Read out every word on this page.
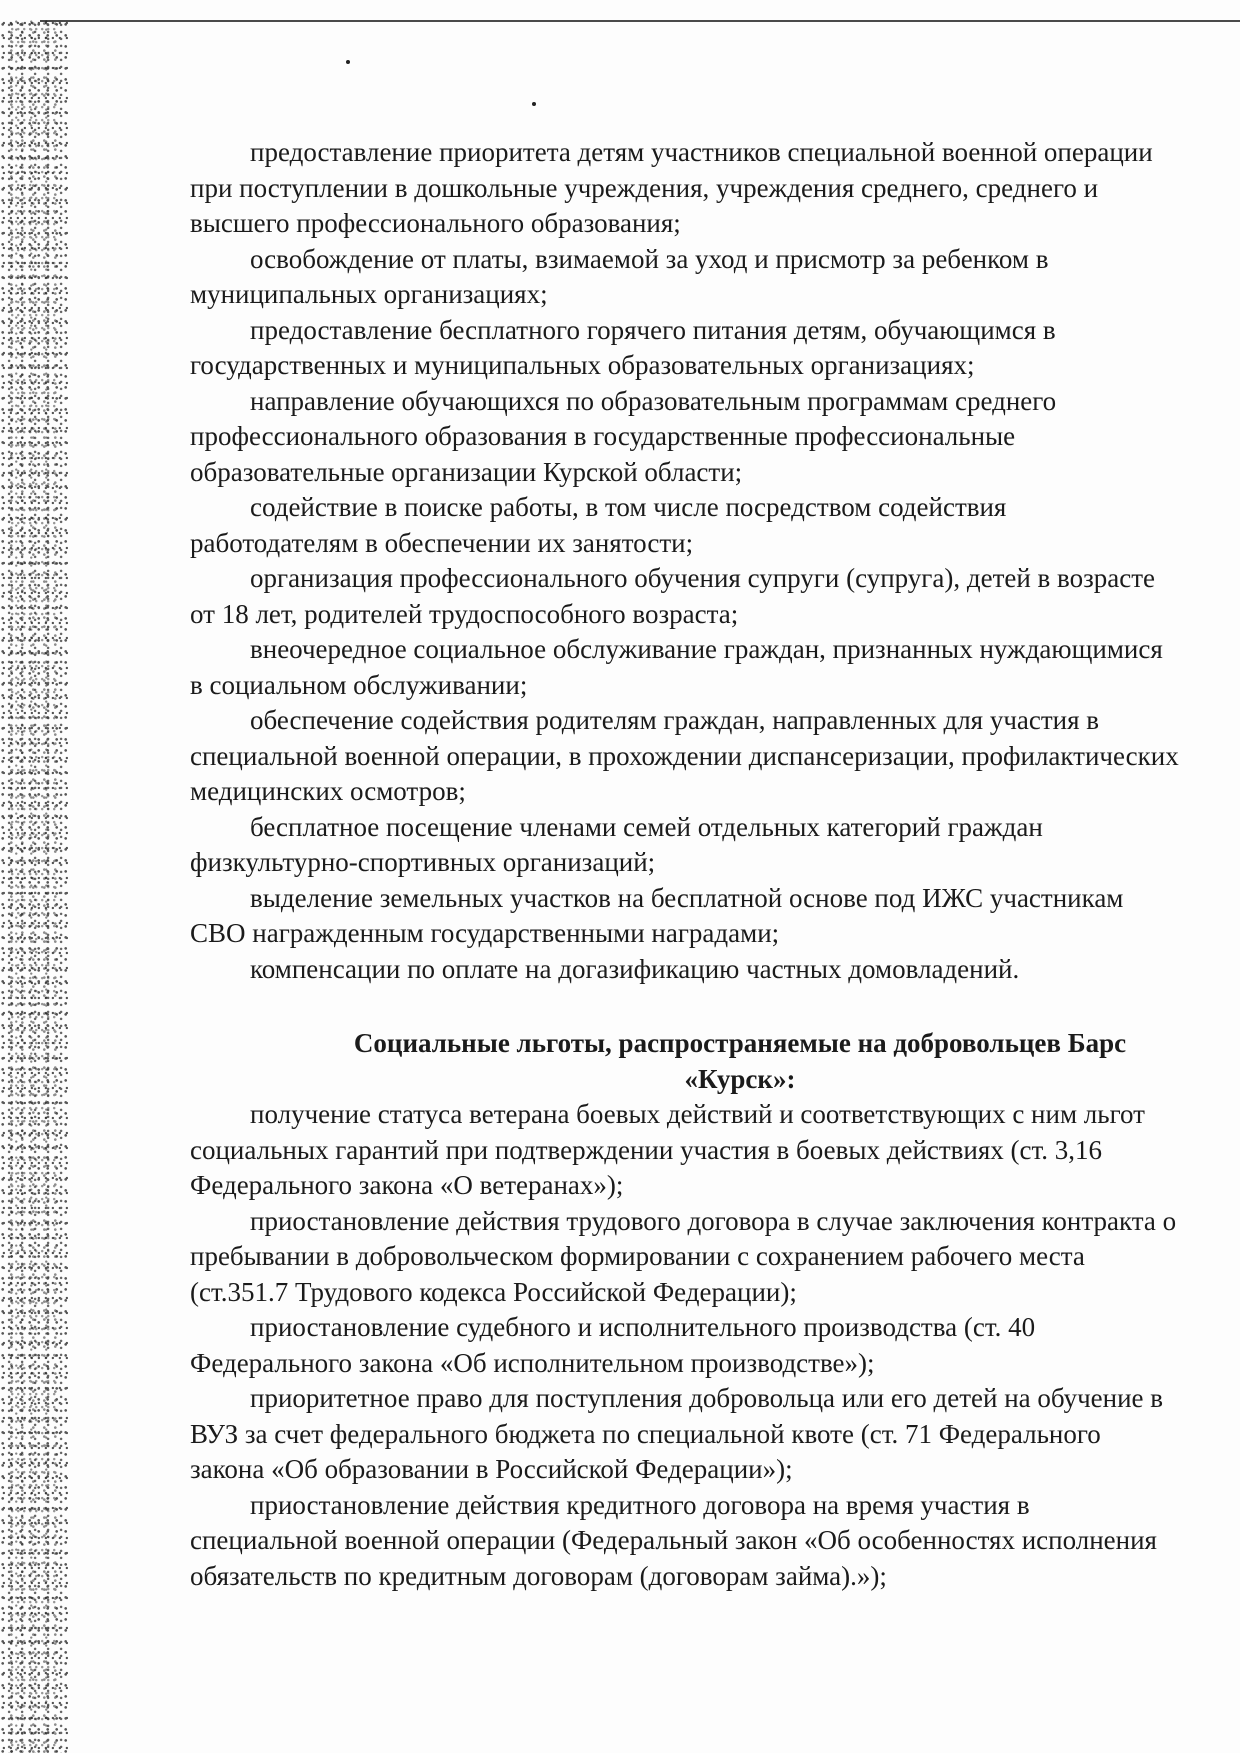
предоставление приоритета детям участников специальной военной операции при поступлении в дошкольные учреждения, учреждения среднего, среднего и высшего профессионального образования;

освобождение от платы, взимаемой за уход и присмотр за ребенком в муниципальных организациях;

предоставление бесплатного горячего питания детям, обучающимся в государственных и муниципальных образовательных организациях;

направление обучающихся по образовательным программам среднего профессионального образования в государственные профессиональные образовательные организации Курской области;

содействие в поиске работы, в том числе посредством содействия работодателям в обеспечении их занятости;

организация профессионального обучения супруги (супруга), детей в возрасте от 18 лет, родителей трудоспособного возраста;

внеочередное социальное обслуживание граждан, признанных нуждающимися в социальном обслуживании;

обеспечение содействия родителям граждан, направленных для участия в специальной военной операции, в прохождении диспансеризации, профилактических медицинских осмотров;

бесплатное посещение членами семей отдельных категорий граждан физкультурно-спортивных организаций;

выделение земельных участков на бесплатной основе под ИЖС участникам СВО награжденным государственными наградами;

компенсации по оплате на догазификацию частных домовладений.

Социальные льготы, распространяемые на добровольцев Барс «Курск»:

получение статуса ветерана боевых действий и соответствующих с ним льгот социальных гарантий при подтверждении участия в боевых действиях (ст. 3,16 Федерального закона «О ветеранах»);

приостановление действия трудового договора в случае заключения контракта о пребывании в добровольческом формировании с сохранением рабочего места (ст.351.7 Трудового кодекса Российской Федерации);

приостановление судебного и исполнительного производства (ст. 40 Федерального закона «Об исполнительном производстве»);

приоритетное право для поступления добровольца или его детей на обучение в ВУЗ за счет федерального бюджета по специальной квоте (ст. 71 Федерального закона «Об образовании в Российской Федерации»);

приостановление действия кредитного договора на время участия в специальной военной операции (Федеральный закон «Об особенностях исполнения обязательств по кредитным договорам (договорам займа).»);
